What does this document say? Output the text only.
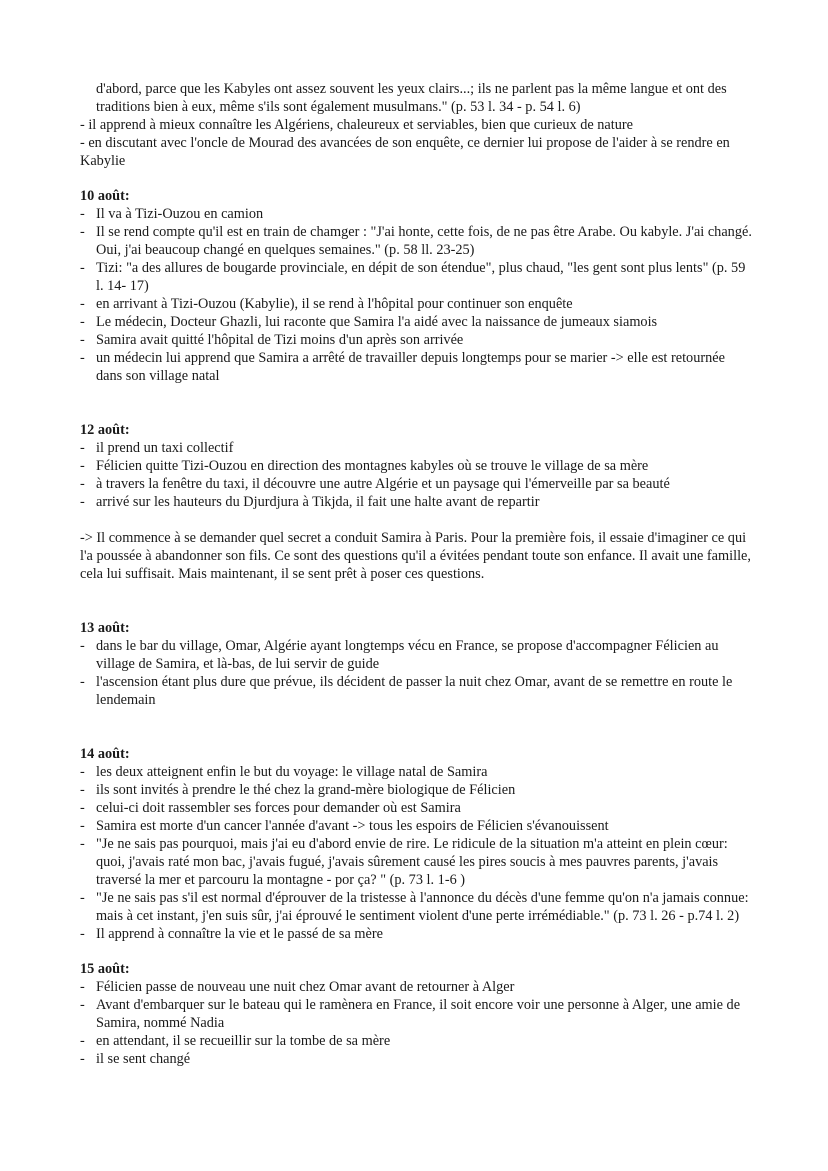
d'abord, parce que les Kabyles ont assez souvent les yeux clairs...; ils ne parlent pas la même langue et ont des traditions bien à eux, même s'ils sont également musulmans." (p. 53 l. 34 - p. 54 l. 6)

- il apprend à mieux connaître les Algériens, chaleureux et serviables, bien que curieux de nature

- en discutant avec l'oncle de Mourad des avancées de son enquête, ce dernier lui propose de l'aider à se rendre en Kabylie

10 août:

- Il va à Tizi-Ouzou en camion
- Il se rend compte qu'il est en train de chamger : "J'ai honte, cette fois, de ne pas être Arabe. Ou kabyle. J'ai changé. Oui, j'ai beaucoup changé en quelques semaines." (p. 58 ll. 23-25)
- Tizi: "a des allures de bougarde provinciale, en dépit de son étendue", plus chaud, "les gent sont plus lents" (p. 59 l. 14- 17)
- en arrivant à Tizi-Ouzou (Kabylie), il se rend à l'hôpital pour continuer son enquête
- Le médecin, Docteur Ghazli, lui raconte que Samira l'a aidé avec la naissance de jumeaux siamois
- Samira avait quitté l'hôpital de Tizi moins d'un après son arrivée
- un médecin lui apprend que Samira a arrêté de travailler depuis longtemps pour se marier -> elle est retournée dans son village natal

12 août:

- il prend un taxi collectif
- Félicien quitte Tizi-Ouzou en direction des montagnes kabyles où se trouve le village de sa mère
- à travers la fenêtre du taxi, il découvre une autre Algérie et un paysage qui l'émerveille par sa beauté
- arrivé sur les hauteurs du Djurdjura à Tikjda, il fait une halte avant de repartir

-> Il commence à se demander quel secret a conduit Samira à Paris. Pour la première fois, il essaie d'imaginer ce qui l'a poussée à abandonner son fils. Ce sont des questions qu'il a évitées pendant toute son enfance. Il avait une famille, cela lui suffisait. Mais maintenant, il se sent prêt à poser ces questions.

13 août:

- dans le bar du village, Omar, Algérie ayant longtemps vécu en France, se propose d'accompagner Félicien au village de Samira, et là-bas, de lui servir de guide
- l'ascension étant plus dure que prévue, ils décident de passer la nuit chez Omar, avant de se remettre en route le lendemain

14 août:

- les deux atteignent enfin le but du voyage: le village natal de Samira
- ils sont invités à prendre le thé chez la grand-mère biologique de Félicien
- celui-ci doit rassembler ses forces pour demander où est Samira
- Samira est morte d'un cancer l'année d'avant -> tous les espoirs de Félicien s'évanouissent
- "Je ne sais pas pourquoi, mais j'ai eu d'abord envie de rire. Le ridicule de la situation m'a atteint en plein cœur: quoi, j'avais raté mon bac, j'avais fugué, j'avais sûrement causé les pires soucis à mes pauvres parents, j'avais traversé la mer et parcouru la montagne - por ça? " (p. 73 l. 1-6 )
- "Je ne sais pas s'il est normal d'éprouver de la tristesse à l'annonce du décès d'une femme qu'on n'a jamais connue: mais à cet instant, j'en suis sûr, j'ai éprouvé le sentiment violent d'une perte irrémédiable." (p. 73 l. 26 - p.74 l. 2)
- Il apprend à connaître la vie et le passé de sa mère

15 août:

- Félicien passe de nouveau une nuit chez Omar avant de retourner à Alger
- Avant d'embarquer sur le bateau qui le ramènera en France, il soit encore voir une personne à Alger, une amie de Samira, nommé Nadia
- en attendant, il se recueillir sur la tombe de sa mère
- il se sent changé
